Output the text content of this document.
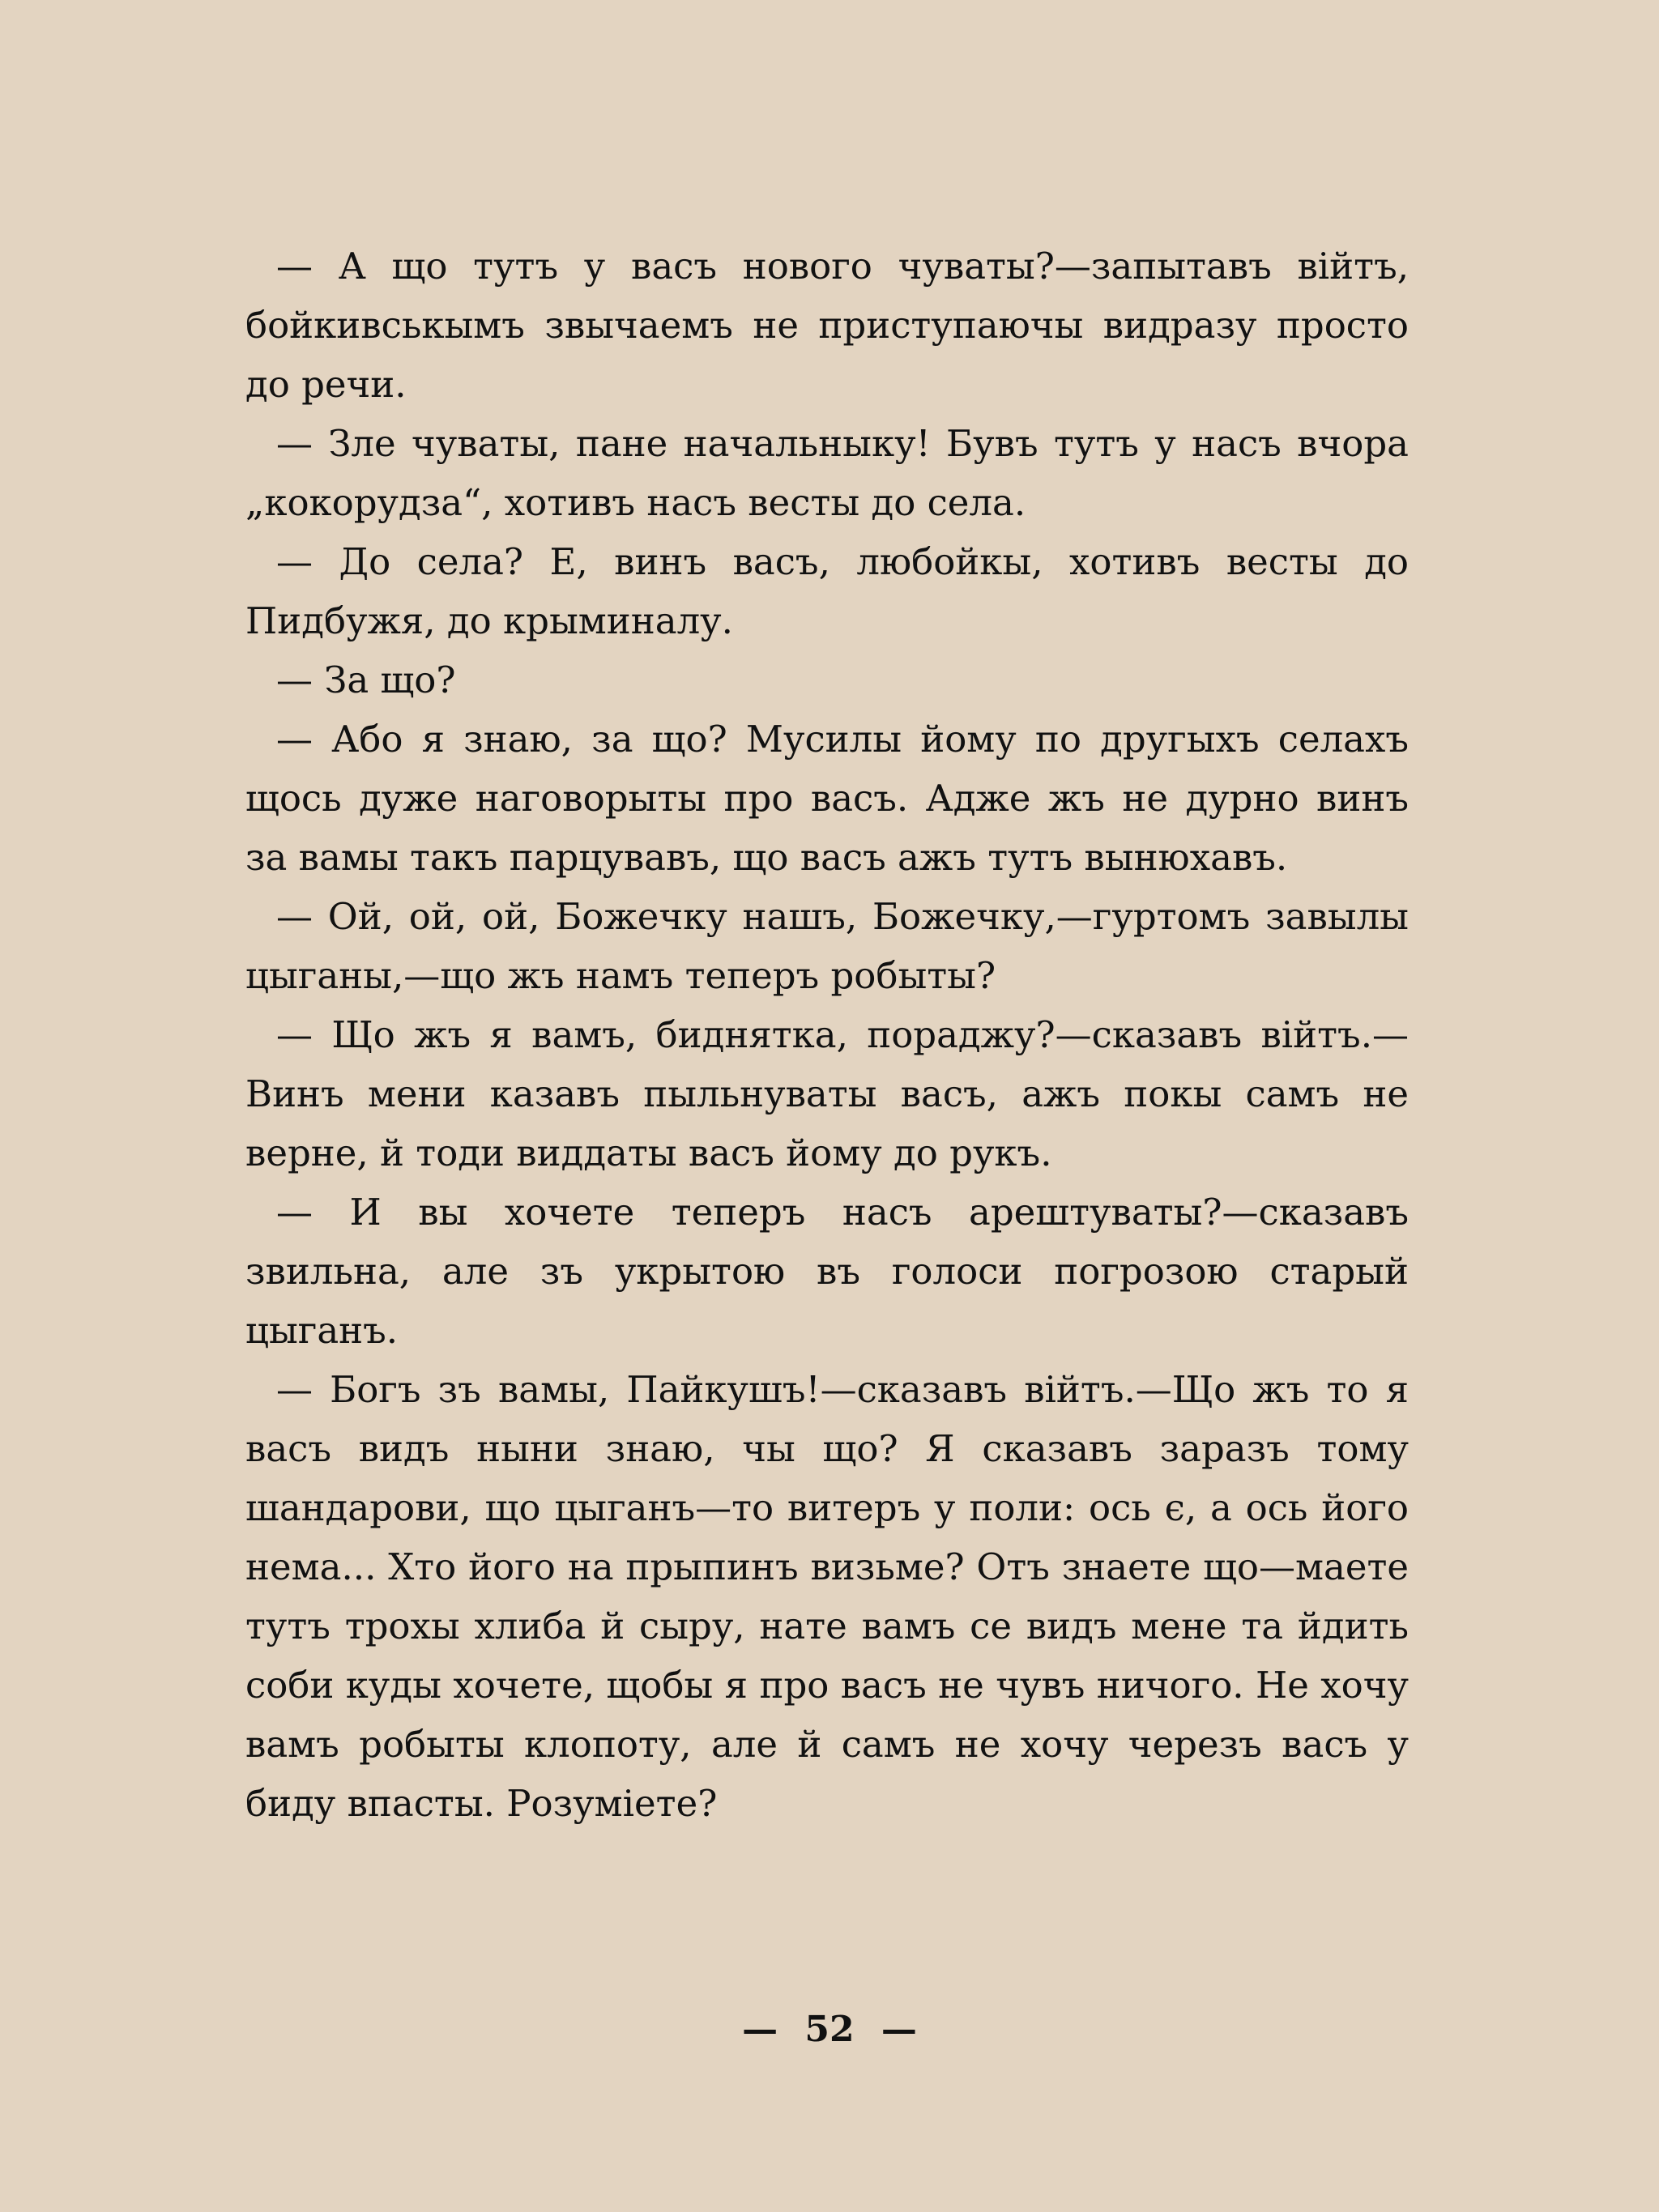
— А що тутъ у васъ нового чуваты?—запытавъ вiйтъ, бойкивськымъ звычаемъ не приступаючы видразу просто до речи.

— Зле чуваты, пане начальныку! Бувъ тутъ у насъ вчора „кокорудза“, хотивъ насъ весты до села.

— До села? Е, винъ васъ, любойкы, хотивъ весты до Пидбужя, до крыминалу.

— За що?

— Або я знаю, за що? Мусилы йому по другыхъ селахъ щось дуже наговорыты про васъ. Адже жъ не дурно винъ за вамы такъ парцувавъ, що васъ ажъ тутъ вынюхавъ.

— Ой, ой, ой, Божечку нашъ, Божечку,—гуртомъ завылы цыганы,—що жъ намъ теперъ робыты?

— Що жъ я вамъ, биднятка, пораджу?—сказавъ вiйтъ.—Винъ мени казавъ пыльнуваты васъ, ажъ покы самъ не верне, й тоди виддаты васъ йому до рукъ.

— И вы хочете теперъ насъ арештуваты?—сказавъ звильна, але зъ укрытою въ голоси погрозою старый цыганъ.

— Богъ зъ вамы, Пайкушъ!—сказавъ вiйтъ.—Що жъ то я васъ видъ ныни знаю, чы що? Я сказавъ заразъ тому шандарови, що цыганъ—то витеръ у поли: ось є, а ось його нема... Хто його на прыпинъ визьме? Отъ знаете що—маете тутъ трохы хлиба й сыру, нате вамъ се видъ мене та йдить соби куды хочете, щобы я про васъ не чувъ ничого. Не хочу вамъ робыты клопоту, але й самъ не хочу черезъ васъ у биду впасты. Розумiете?

— 52 —
